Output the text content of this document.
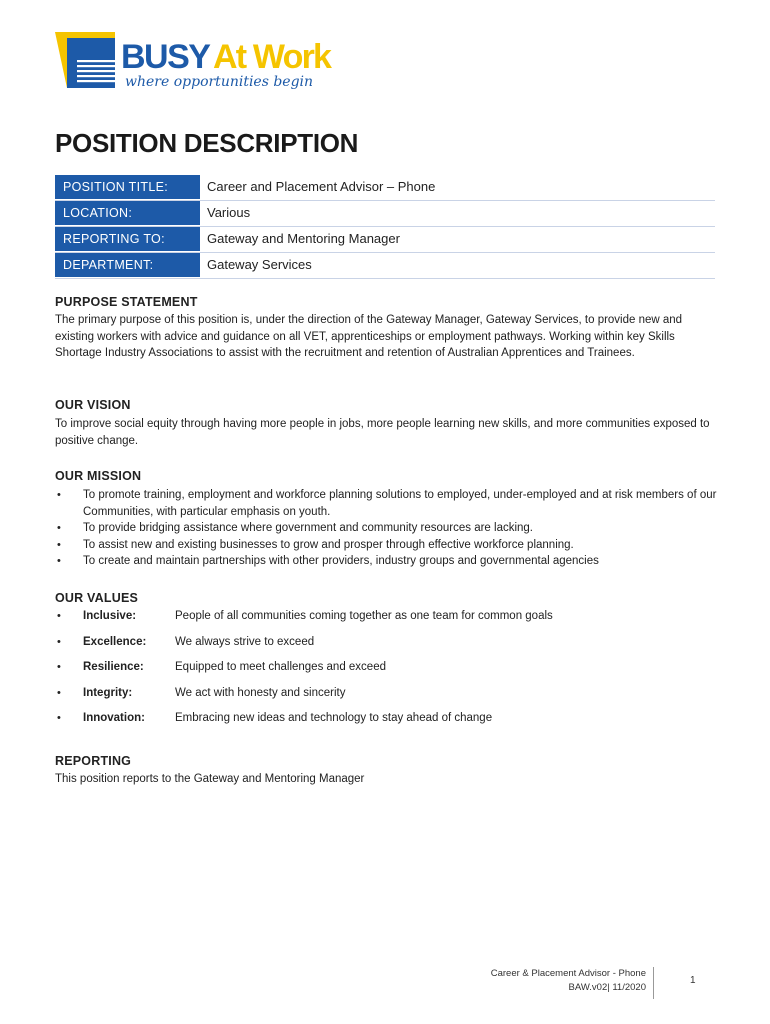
BUSY At Work
where opportunities begin
POSITION DESCRIPTION
POSITION TITLE:	Career and Placement Advisor – Phone
LOCATION:	Various
REPORTING TO:	Gateway and Mentoring Manager
DEPARTMENT:	Gateway Services
PURPOSE STATEMENT

The primary purpose of this position is, under the direction of the Gateway Manager, Gateway Services, to provide new and existing workers with advice and guidance on all VET, apprenticeships or employment pathways. Working within key Skills Shortage Industry Associations to assist with the recruitment and retention of Australian Apprentices and Trainees.

OUR VISION

To improve social equity through having more people in jobs, more people learning new skills, and more communities exposed to positive change.

OUR MISSION
• To promote training, employment and workforce planning solutions to employed, under-employed and at risk members of our Communities, with particular emphasis on youth.
• To provide bridging assistance where government and community resources are lacking.
• To assist new and existing businesses to grow and prosper through effective workforce planning.
• To create and maintain partnerships with other providers, industry groups and governmental agencies
OUR VALUES
• Inclusive:	People of all communities coming together as one team for common goals
• Excellence: We always strive to exceed
• Resilience:	Equipped to meet challenges and exceed
• Integrity:	We act with honesty and sincerity
• Innovation:	Embracing new ideas and technology to stay ahead of change
REPORTING

This position reports to the Gateway and Mentoring Manager

Career & Placement Advisor - Phone
BAW.v02| 11/2020
1
